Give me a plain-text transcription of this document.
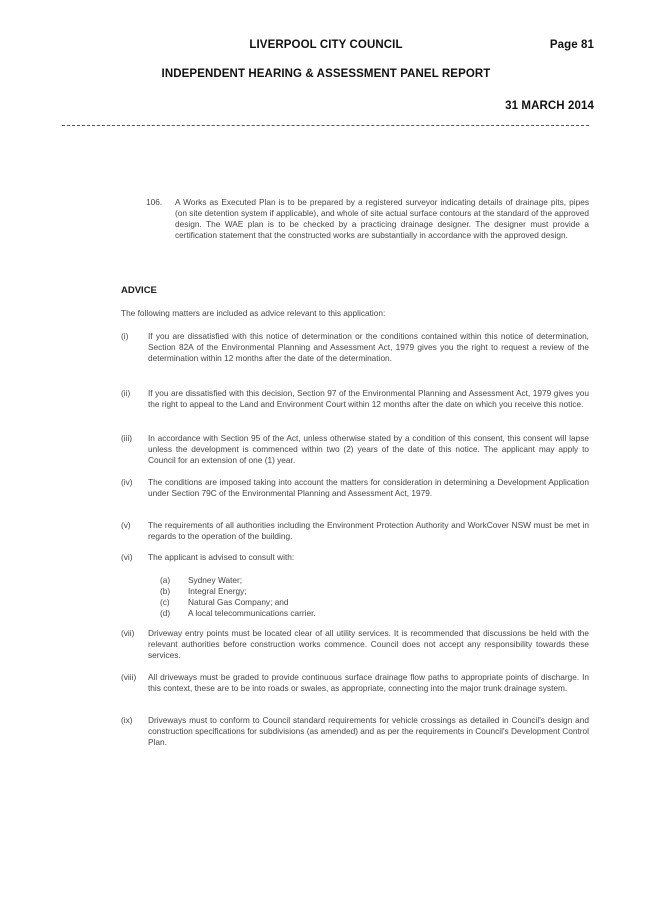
LIVERPOOL CITY COUNCIL	Page 81
INDEPENDENT HEARING & ASSESSMENT PANEL REPORT
31 MARCH 2014
106. A Works as Executed Plan is to be prepared by a registered surveyor indicating details of drainage pits, pipes (on site detention system if applicable), and whole of site actual surface contours at the standard of the approved design. The WAE plan is to be checked by a practicing drainage designer. The designer must provide a certification statement that the constructed works are substantially in accordance with the approved design.
ADVICE
The following matters are included as advice relevant to this application:
(i) If you are dissatisfied with this notice of determination or the conditions contained within this notice of determination, Section 82A of the Environmental Planning and Assessment Act, 1979 gives you the right to request a review of the determination within 12 months after the date of the determination.
(ii) If you are dissatisfied with this decision, Section 97 of the Environmental Planning and Assessment Act, 1979 gives you the right to appeal to the Land and Environment Court within 12 months after the date on which you receive this notice.
(iii) In accordance with Section 95 of the Act, unless otherwise stated by a condition of this consent, this consent will lapse unless the development is commenced within two (2) years of the date of this notice. The applicant may apply to Council for an extension of one (1) year.
(iv) The conditions are imposed taking into account the matters for consideration in determining a Development Application under Section 79C of the Environmental Planning and Assessment Act, 1979.
(v) The requirements of all authorities including the Environment Protection Authority and WorkCover NSW must be met in regards to the operation of the building.
(vi) The applicant is advised to consult with:
(a) Sydney Water;
(b) Integral Energy;
(c) Natural Gas Company; and
(d) A local telecommunications carrier.
(vii) Driveway entry points must be located clear of all utility services. It is recommended that discussions be held with the relevant authorities before construction works commence. Council does not accept any responsibility towards these services.
(viii) All driveways must be graded to provide continuous surface drainage flow paths to appropriate points of discharge. In this context, these are to be into roads or swales, as appropriate, connecting into the major trunk drainage system.
(ix) Driveways must to conform to Council standard requirements for vehicle crossings as detailed in Council's design and construction specifications for subdivisions (as amended) and as per the requirements in Council's Development Control Plan.
